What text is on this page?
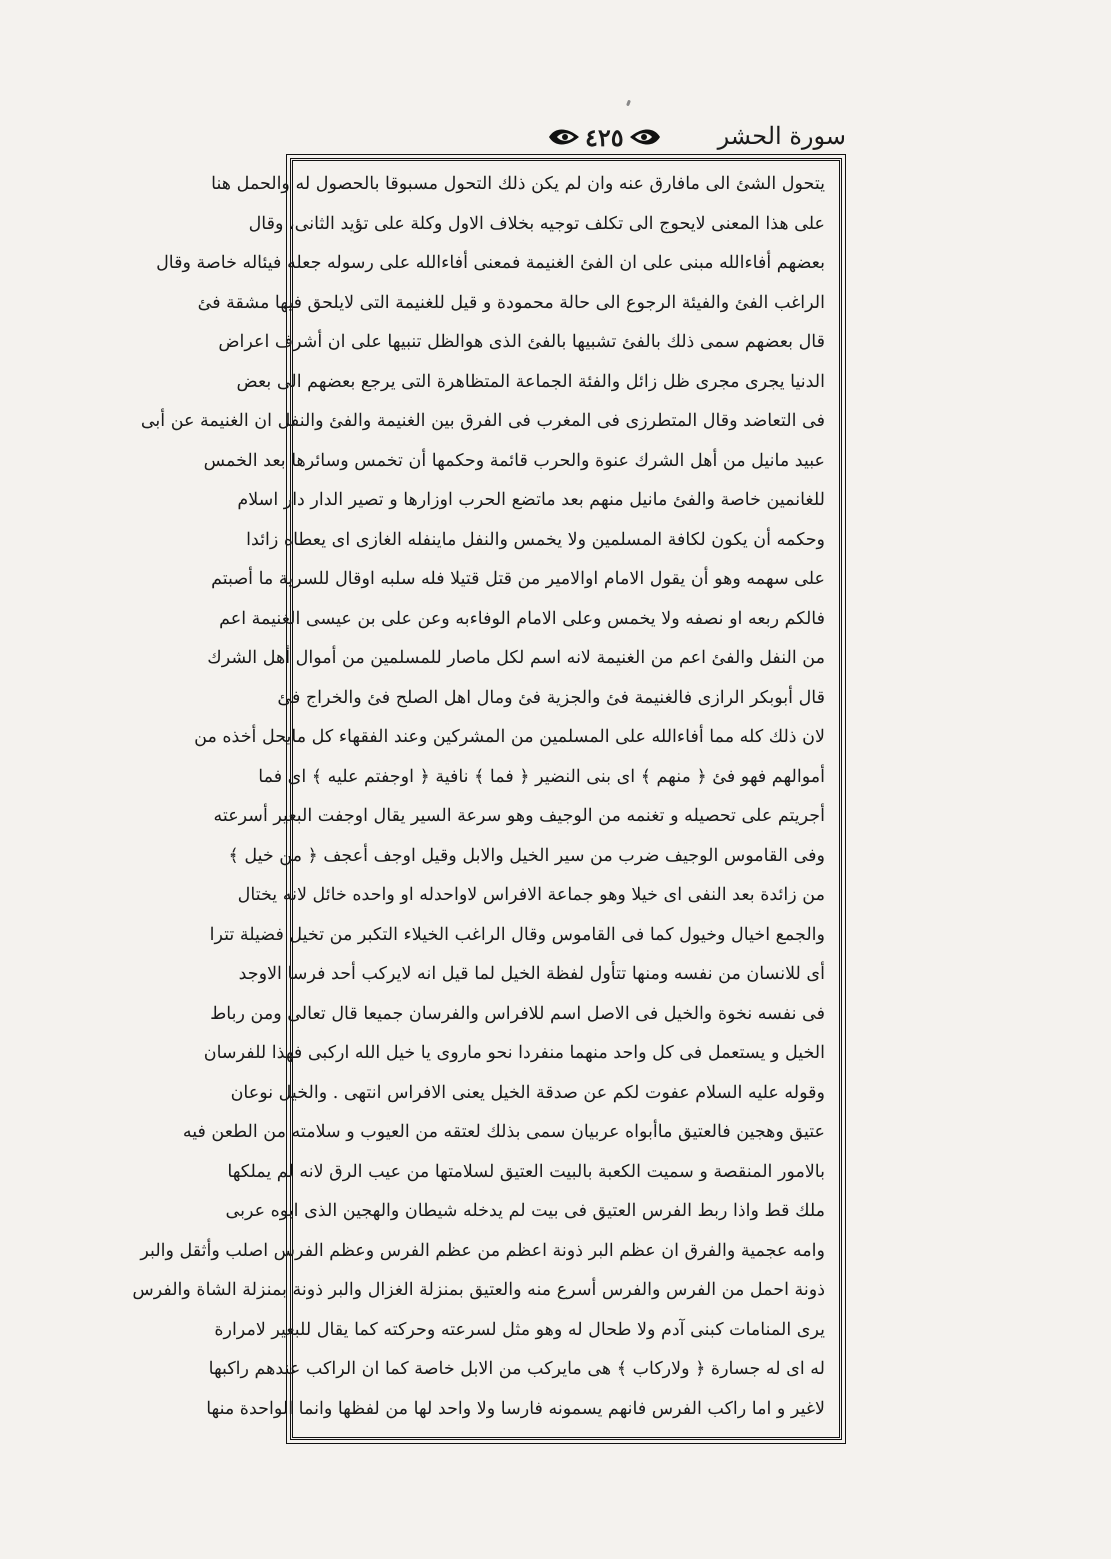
٤٢٥	سورة الحشر
يتحول الشئ الى مافارق عنه وان لم يكن ذلك التحول مسبوقا بالحصول له والحمل هنا
على هذا المعنى لايحوج الى تكلف توجيه بخلاف الاول وكلة على تؤيد الثانى، وقال
بعضهم أفاءالله مبنى على ان الفئ الغنيمة فمعنى أفاءالله على رسوله جعله فيئاله خاصة وقال
الراغب الفئ والفيئة الرجوع الى حالة محمودة و قيل للغنيمة التى لايلحق فيها مشقة فئ
قال بعضهم سمى ذلك بالفئ تشبيها بالفئ الذى هوالظل تنبيها على ان أشرف اعراض
الدنيا يجرى مجرى ظل زائل والفئة الجماعة المتظاهرة التى يرجع بعضهم الى بعض
فى التعاضد وقال المتطرزى فى المغرب فى الفرق بين الغنيمة والفئ والنفل ان الغنيمة عن أبى
عبيد مانيل من أهل الشرك عنوة والحرب قائمة وحكمها أن تخمس وسائرها بعد الخمس
للغانمين خاصة والفئ مانيل منهم بعد ماتضع الحرب اوزارها و تصير الدار دار اسلام
وحكمه أن يكون لكافة المسلمين ولا يخمس والنفل ماينفله الغازى اى يعطاه زائدا
على سهمه وهو أن يقول الامام اوالامير من قتل قتيلا فله سلبه اوقال للسرية ما أصبتم
فالكم ربعه او نصفه ولا يخمس وعلى الامام الوفاءبه وعن على بن عيسى الغنيمة اعم
من النفل والفئ اعم من الغنيمة لانه اسم لكل ماصار للمسلمين من أموال أهل الشرك
قال أبوبكر الرازى فالغنيمة فئ والجزية فئ ومال اهل الصلح فئ والخراج فئ
لان ذلك كله مما أفاءالله على المسلمين من المشركين وعند الفقهاء كل مايحل أخذه من
أموالهم فهو فئ ﴿ منهم ﴾ اى بنى النضير ﴿ فما ﴾ نافية ﴿ اوجفتم عليه ﴾ اى فما
أجريتم على تحصيله و تغنمه من الوجيف وهو سرعة السير يقال اوجفت البعير أسرعته
وفى القاموس الوجيف ضرب من سير الخيل والابل وقيل اوجف أعجف ﴿ من خيل ﴾
من زائدة بعد النفى اى خيلا وهو جماعة الافراس لاواحدله او واحده خائل لانه يختال
والجمع اخيال وخيول كما فى القاموس وقال الراغب الخيلاء التكبر من تخيل فضيلة تترا
أى للانسان من نفسه ومنها تتأول لفظة الخيل لما قيل انه لايركب أحد فرسا الاوجد
فى نفسه نخوة والخيل فى الاصل اسم للافراس والفرسان جميعا قال تعالى ومن رباط
الخيل و يستعمل فى كل واحد منهما منفردا نحو ماروى يا خيل الله اركبى فهذا للفرسان
وقوله عليه السلام عفوت لكم عن صدقة الخيل يعنى الافراس انتهى . والخيل نوعان
عتيق وهجين فالعتيق ماأبواه عربيان سمى بذلك لعتقه من العيوب و سلامته من الطعن فيه
بالامور المنقصة و سميت الكعبة بالبيت العتيق لسلامتها من عيب الرق لانه لم يملكها
ملك قط واذا ربط الفرس العتيق فى بيت لم يدخله شيطان والهجين الذى ابوه عربى
وامه عجمية والفرق ان عظم البر ذونة اعظم من عظم الفرس وعظم الفرس اصلب وأثقل والبر
ذونة احمل من الفرس والفرس أسرع منه والعتيق بمنزلة الغزال والبر ذونة بمنزلة الشاة والفرس
يرى المنامات كبنى آدم ولا طحال له وهو مثل لسرعته وحركته كما يقال للبعير لامرارة
له اى له جسارة ﴿ ولاركاب ﴾ هى مايركب من الابل خاصة كما ان الراكب عندهم راكبها
لاغير و اما راكب الفرس فانهم يسمونه فارسا ولا واحد لها من لفظها وانما الواحدة منها
